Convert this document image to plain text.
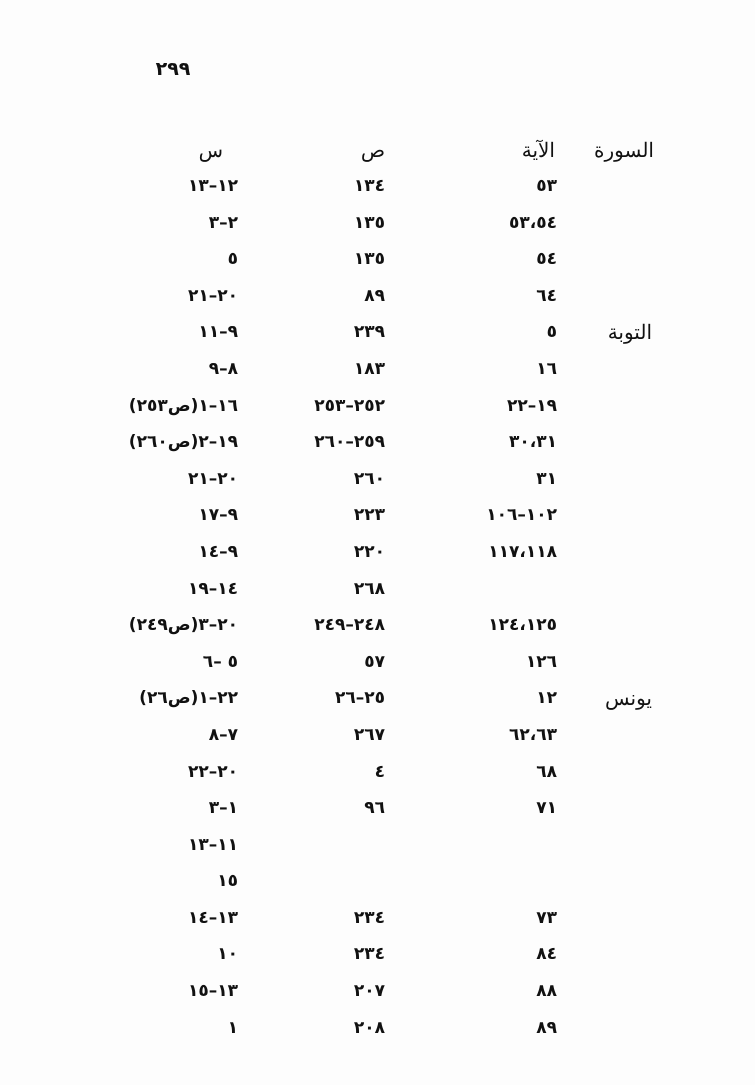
٢٩٩
السورة
الآية
ص
س
٥٣
١٣٤
١٢–١٣
٥٣،٥٤
١٣٥
٢–٣
٥٤
١٣٥
٥
٦٤
٨٩
٢٠–٢١
التوبة
٥
٢٣٩
٩–١١
١٦
١٨٣
٨–٩
١٩–٢٢
٢٥٢–٢٥٣
١٦–١(ص٢٥٣)
٣٠،٣١
٢٥٩–٢٦٠
١٩–٢(ص٢٦٠)
٣١
٢٦٠
٢٠–٢١
١٠٢–١٠٦
٢٢٣
٩–١٧
١١٧،١١٨
٢٢٠
٩–١٤
٢٦٨
١٤–١٩
١٢٤،١٢٥
٢٤٨–٢٤٩
٢٠–٣(ص٢٤٩)
١٢٦
٥٧
٥ –٦
يونس
١٢
٢٥–٢٦
٢٢–١(ص٢٦)
٦٢،٦٣
٢٦٧
٧–٨
٦٨
٤
٢٠–٢٢
٧١
٩٦
١–٣
١١–١٣
١٥
٧٣
٢٣٤
١٣–١٤
٨٤
٢٣٤
١٠
٨٨
٢٠٧
١٣–١٥
٨٩
٢٠٨
١
